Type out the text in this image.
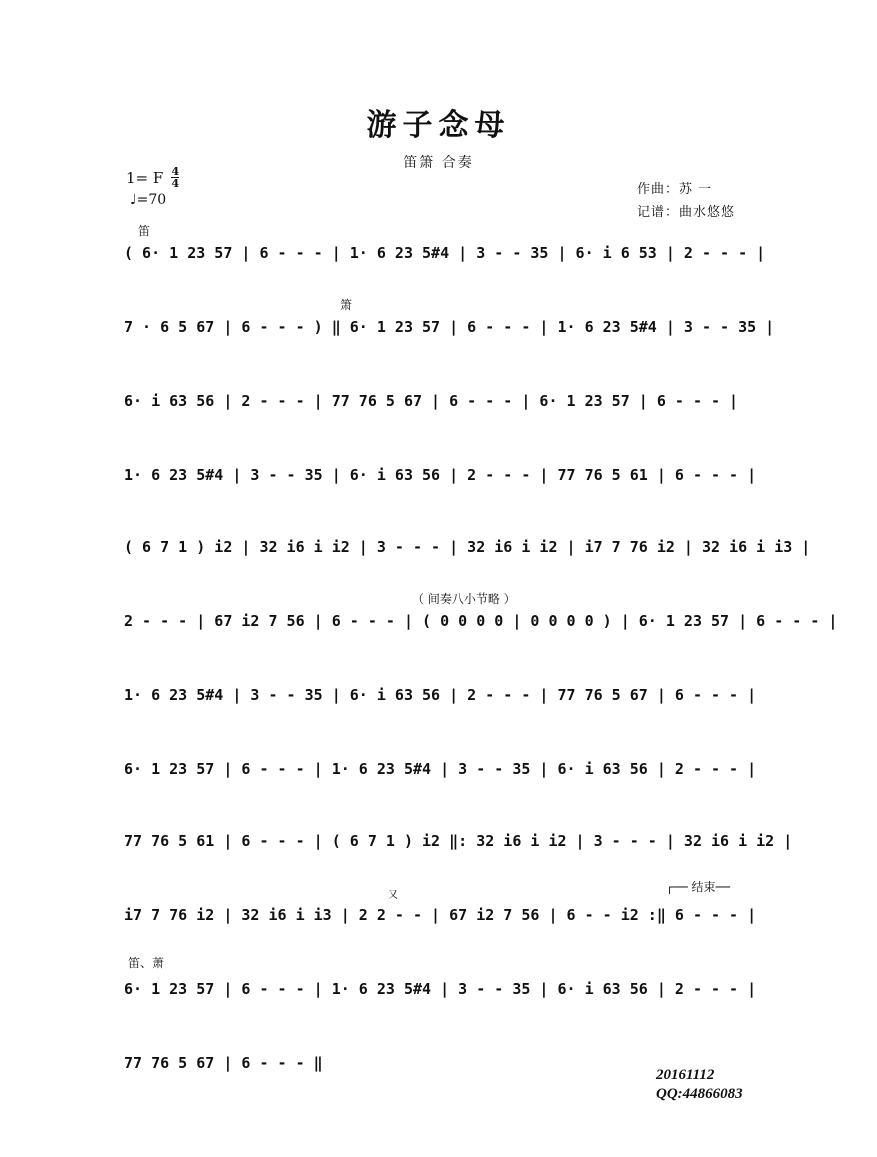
游子念母
笛箫 合奏
1= F 4
4
♩=70
作曲：苏 一
记谱：曲水悠悠
笛
箫
（ 间奏八小节略 ）
又
┌── 结束──
笛、萧
( 6· 1 23 57 | 6 - - - | 1· 6 23 5#4 | 3 - - 35 | 6· i 6 53 | 2 - - - |
7 · 6 5 67 | 6 - - - ) ‖ 6· 1 23 57 | 6 - - - | 1· 6 23 5#4 | 3 - - 35 |
6· i 63 56 | 2 - - - | 77 76 5 67 | 6 - - - | 6· 1 23 57 | 6 - - - |
1· 6 23 5#4 | 3 - - 35 | 6· i 63 56 | 2 - - - | 77 76 5 61 | 6 - - - |
( 6 7 1 ) i2 | 32 i6 i i2 | 3 - - - | 32 i6 i i2 | i7 7 76 i2 | 32 i6 i i3 |
2 - - - | 67 i2 7 56 | 6 - - - | ( 0 0 0 0 | 0 0 0 0 ) | 6· 1 23 57 | 6 - - - |
1· 6 23 5#4 | 3 - - 35 | 6· i 63 56 | 2 - - - | 77 76 5 67 | 6 - - - |
6· 1 23 57 | 6 - - - | 1· 6 23 5#4 | 3 - - 35 | 6· i 63 56 | 2 - - - |
77 76 5 61 | 6 - - - | ( 6 7 1 ) i2 ‖: 32 i6 i i2 | 3 - - - | 32 i6 i i2 |
i7 7 76 i2 | 32 i6 i i3 | 2 2 - - | 67 i2 7 56 | 6 - - i2 :‖ 6 - - - |
6· 1 23 57 | 6 - - - | 1· 6 23 5#4 | 3 - - 35 | 6· i 63 56 | 2 - - - |
77 76 5 67 | 6 - - - ‖
20161112
QQ:44866083
